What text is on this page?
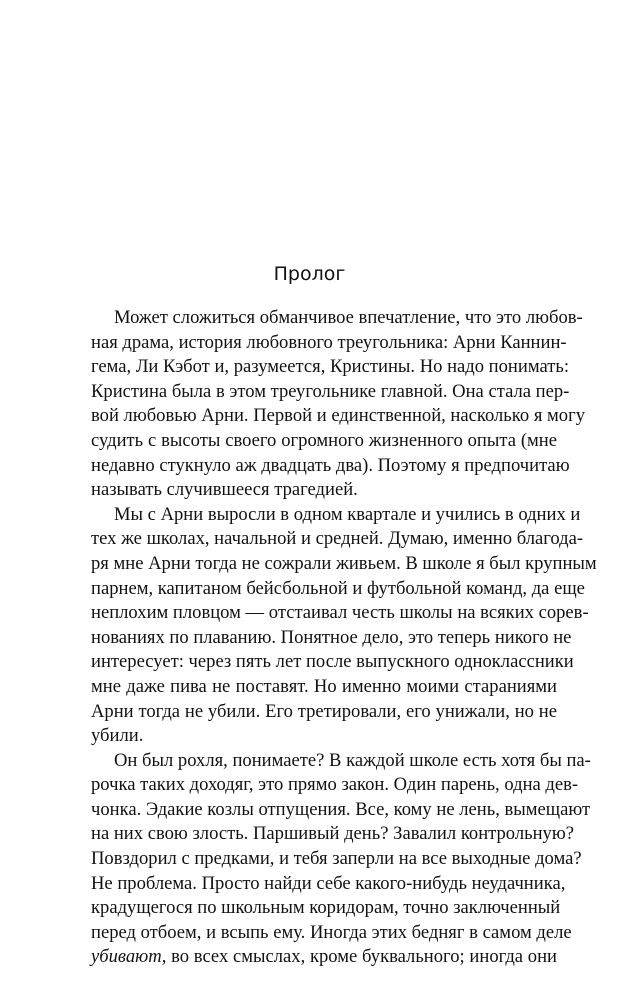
Пролог
Может сложиться обманчивое впечатление, что это любов-
ная драма, история любовного треугольника: Арни Каннин-
гема, Ли Кэбот и, разумеется, Кристины. Но надо понимать:
Кристина была в этом треугольнике главной. Она стала пер-
вой любовью Арни. Первой и единственной, насколько я могу
судить с высоты своего огромного жизненного опыта (мне
недавно стукнуло аж двадцать два). Поэтому я предпочитаю
называть случившееся трагедией.
Мы с Арни выросли в одном квартале и учились в одних и
тех же школах, начальной и средней. Думаю, именно благода-
ря мне Арни тогда не сожрали живьем. В школе я был крупным
парнем, капитаном бейсбольной и футбольной команд, да еще
неплохим пловцом — отстаивал честь школы на всяких сорев-
нованиях по плаванию. Понятное дело, это теперь никого не
интересует: через пять лет после выпускного одноклассники
мне даже пива не поставят. Но именно моими стараниями
Арни тогда не убили. Его третировали, его унижали, но не
убили.
Он был рохля, понимаете? В каждой школе есть хотя бы па-
рочка таких доходяг, это прямо закон. Один парень, одна дев-
чонка. Эдакие козлы отпущения. Все, кому не лень, вымещают
на них свою злость. Паршивый день? Завалил контрольную?
Повздорил с предками, и тебя заперли на все выходные дома?
Не проблема. Просто найди себе какого-нибудь неудачника,
крадущегося по школьным коридорам, точно заключенный
перед отбоем, и всыпь ему. Иногда этих бедняг в самом деле
убивают, во всех смыслах, кроме буквального; иногда они
